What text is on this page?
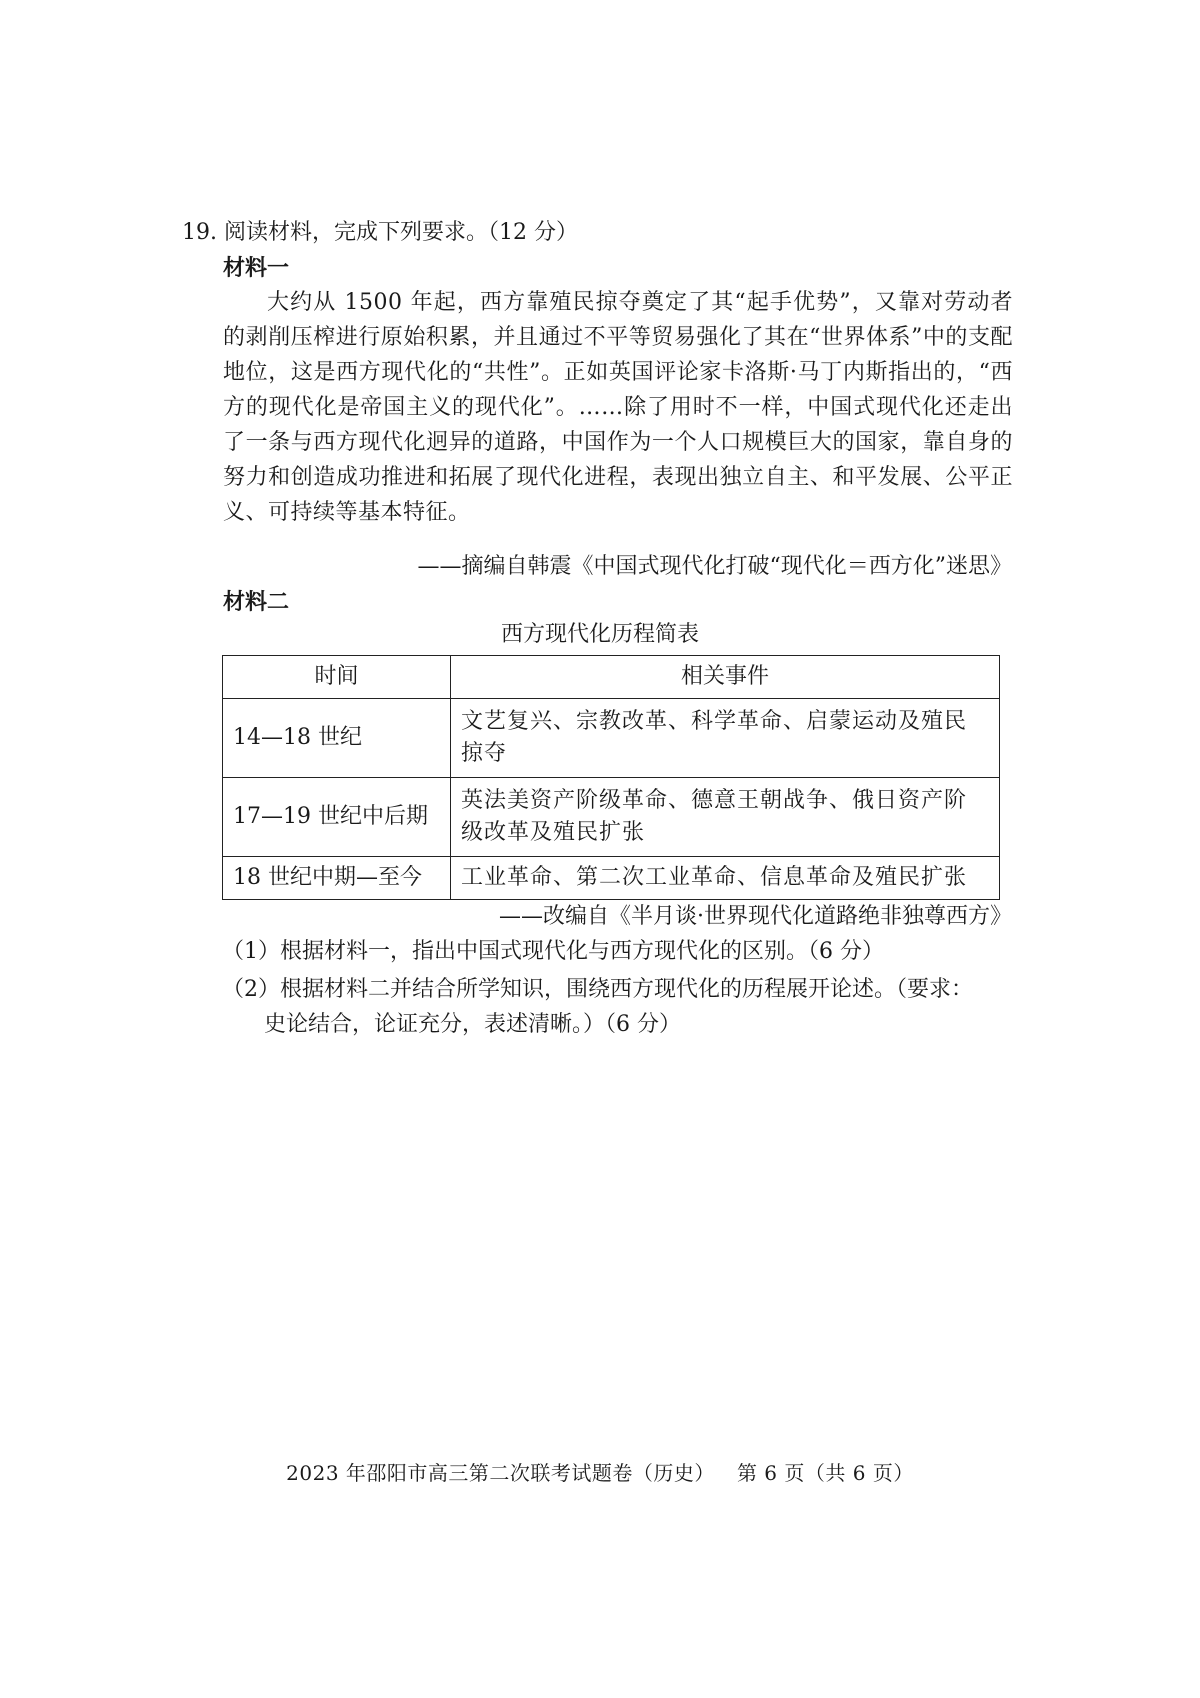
19. 阅读材料，完成下列要求。（12 分）
材料一
大约从 1500 年起，西方靠殖民掠夺奠定了其“起手优势”，又靠对劳动者的剥削压榨进行原始积累，并且通过不平等贸易强化了其在“世界体系”中的支配地位，这是西方现代化的“共性”。正如英国评论家卡洛斯·马丁内斯指出的，“西方的现代化是帝国主义的现代化”。……除了用时不一样，中国式现代化还走出了一条与西方现代化迥异的道路，中国作为一个人口规模巨大的国家，靠自身的努力和创造成功推进和拓展了现代化进程，表现出独立自主、和平发展、公平正义、可持续等基本特征。
——摘编自韩震《中国式现代化打破“现代化＝西方化”迷思》
材料二
西方现代化历程简表
时间	相关事件
14—18 世纪	文艺复兴、宗教改革、科学革命、启蒙运动及殖民掠夺
17—19 世纪中后期	英法美资产阶级革命、德意王朝战争、俄日资产阶级改革及殖民扩张
18 世纪中期—至今	工业革命、第二次工业革命、信息革命及殖民扩张
——改编自《半月谈·世界现代化道路绝非独尊西方》
（1）根据材料一，指出中国式现代化与西方现代化的区别。（6 分）
（2）根据材料二并结合所学知识，围绕西方现代化的历程展开论述。（要求：
史论结合，论证充分，表述清晰。）（6 分）
2023 年邵阳市高三第二次联考试题卷（历史） 第 6 页（共 6 页）
